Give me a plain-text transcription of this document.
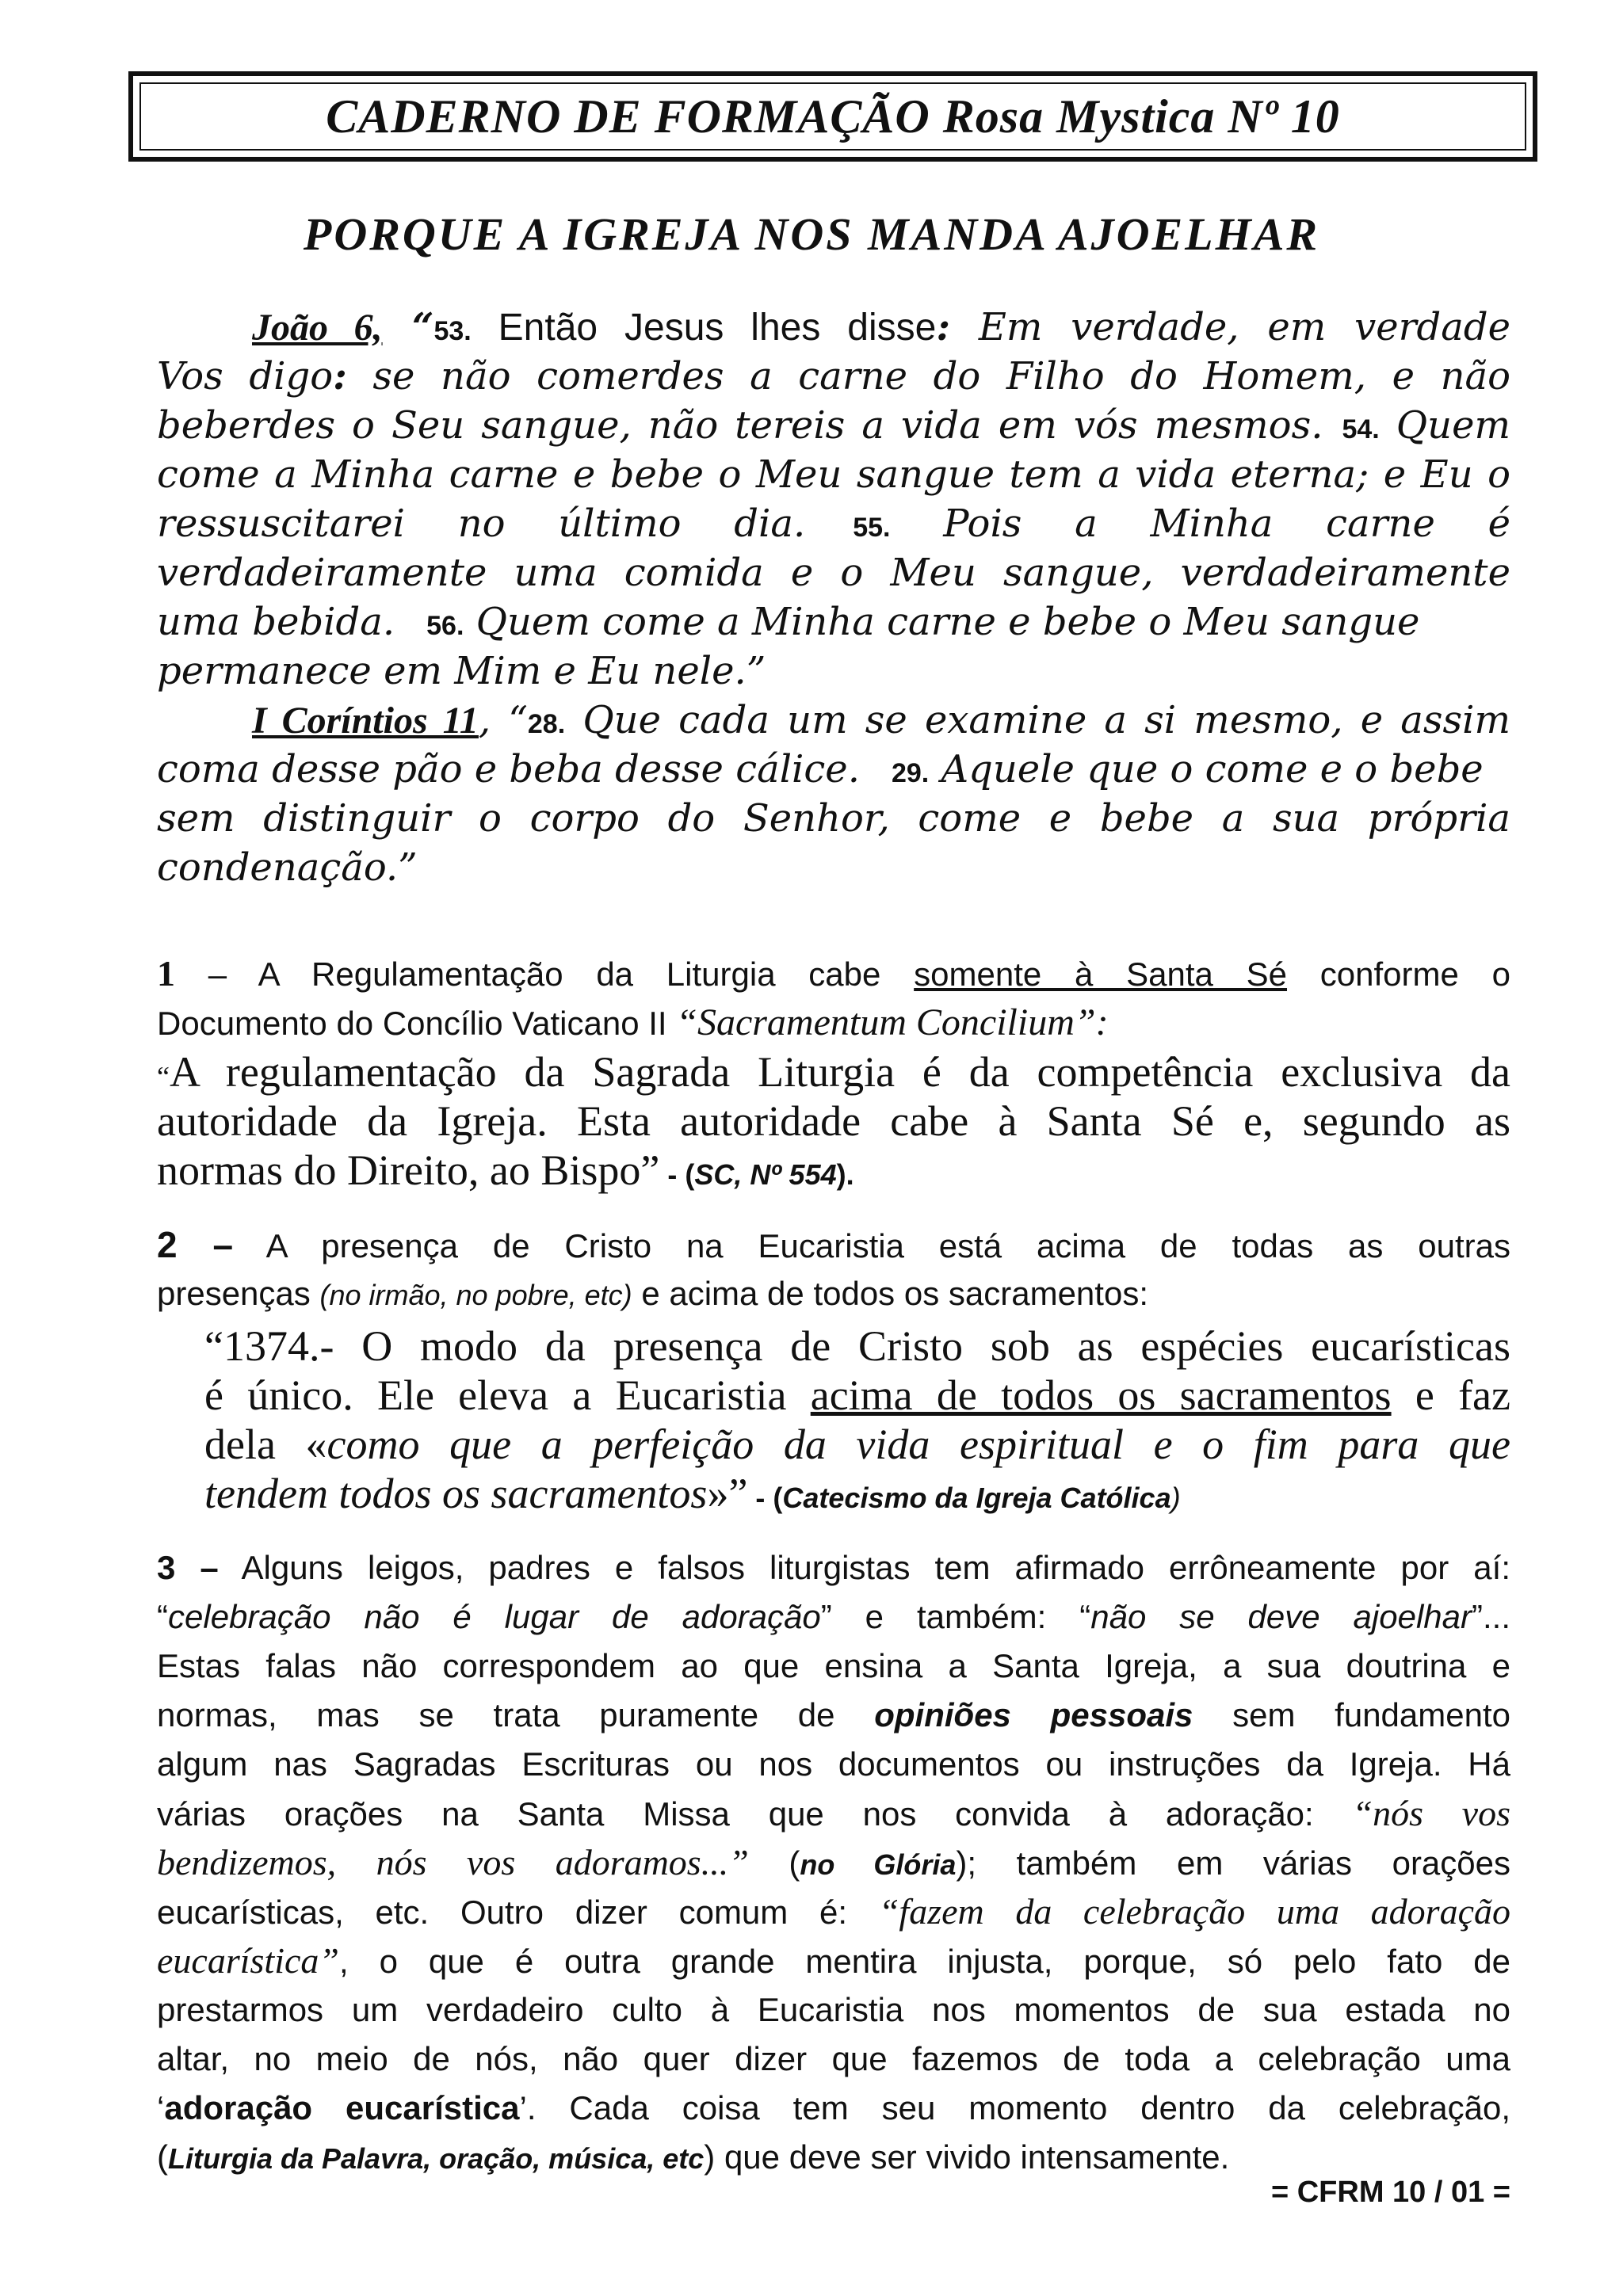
CADERNO DE FORMAÇÃO Rosa Mystica Nº 10
PORQUE A IGREJA NOS MANDA AJOELHAR
João 6, “53. Então Jesus lhes disse: Em verdade, em verdade
Vos digo: se não comerdes a carne do Filho do Homem, e não
beberdes o Seu sangue, não tereis a vida em vós mesmos. 54. Quem
come a Minha carne e bebe o Meu sangue tem a vida eterna; e Eu o
ressuscitarei no último dia. 55. Pois a Minha carne é
verdadeiramente uma comida e o Meu sangue, verdadeiramente
uma bebida. 56. Quem come a Minha carne e bebe o Meu sangue
permanece em Mim e Eu nele.”
I Coríntios 11, “28. Que cada um se examine a si mesmo, e assim
coma desse pão e beba desse cálice. 29. Aquele que o come e o bebe
sem distinguir o corpo do Senhor, come e bebe a sua própria
condenação.”
1 – A Regulamentação da Liturgia cabe somente à Santa Sé conforme o
Documento do Concílio Vaticano II “Sacramentum Concilium”:
“A regulamentação da Sagrada Liturgia é da competência exclusiva da
autoridade da Igreja. Esta autoridade cabe à Santa Sé e, segundo as
normas do Direito, ao Bispo” - (SC, Nº 554).
2 – A presença de Cristo na Eucaristia está acima de todas as outras
presenças (no irmão, no pobre, etc) e acima de todos os sacramentos:
“1374.- O modo da presença de Cristo sob as espécies eucarísticas
é único. Ele eleva a Eucaristia acima de todos os sacramentos e faz
dela «como que a perfeição da vida espiritual e o fim para que
tendem todos os sacramentos»” - (Catecismo da Igreja Católica)
3 – Alguns leigos, padres e falsos liturgistas tem afirmado errôneamente por aí:
“celebração não é lugar de adoração” e também: “não se deve ajoelhar”...
Estas falas não correspondem ao que ensina a Santa Igreja, a sua doutrina e
normas, mas se trata puramente de opiniões pessoais sem fundamento
algum nas Sagradas Escrituras ou nos documentos ou instruções da Igreja. Há
várias orações na Santa Missa que nos convida à adoração: “nós vos
bendizemos, nós vos adoramos...” (no Glória); também em várias orações
eucarísticas, etc. Outro dizer comum é: “fazem da celebração uma adoração
eucarística”, o que é outra grande mentira injusta, porque, só pelo fato de
prestarmos um verdadeiro culto à Eucaristia nos momentos de sua estada no
altar, no meio de nós, não quer dizer que fazemos de toda a celebração uma
‘adoração eucarística’. Cada coisa tem seu momento dentro da celebração,
(Liturgia da Palavra, oração, música, etc) que deve ser vivido intensamente.
= CFRM 10 / 01 =
